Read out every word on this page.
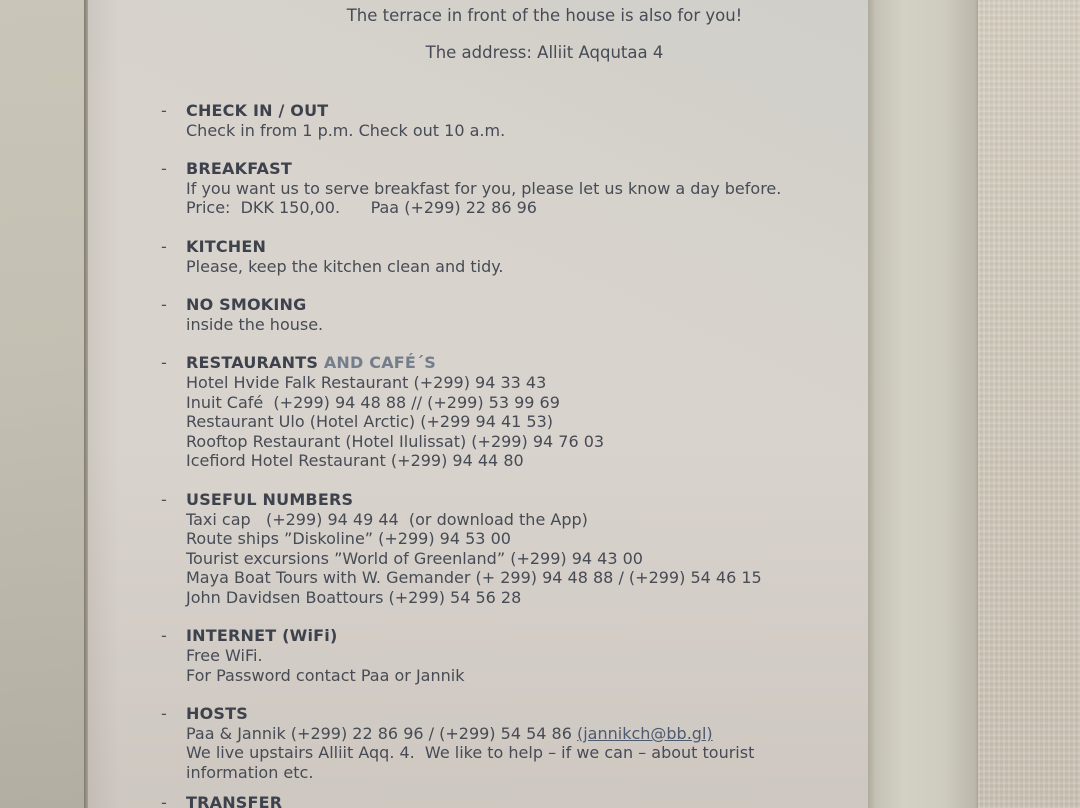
The terrace in front of the house is also for you!

The address: Alliit Aqqutaa 4

-	CHECK IN / OUT

Check in from 1 p.m. Check out 10 a.m.

-	BREAKFAST

If you want us to serve breakfast for you, please let us know a day before.

Price:  DKK 150,00.      Paa (+299) 22 86 96

-	KITCHEN

Please, keep the kitchen clean and tidy.

-	NO SMOKING

inside the house.

-	RESTAURANTS AND CAFÉ´S

Hotel Hvide Falk Restaurant (+299) 94 33 43

Inuit Café  (+299) 94 48 88 // (+299) 53 99 69

Restaurant Ulo (Hotel Arctic) (+299 94 41 53)

Rooftop Restaurant (Hotel Ilulissat) (+299) 94 76 03

Icefiord Hotel Restaurant (+299) 94 44 80

-	USEFUL NUMBERS

Taxi cap   (+299) 94 49 44  (or download the App)

Route ships ”Diskoline” (+299) 94 53 00

Tourist excursions ”World of Greenland” (+299) 94 43 00

Maya Boat Tours with W. Gemander (+ 299) 94 48 88 / (+299) 54 46 15

John Davidsen Boattours (+299) 54 56 28

-	INTERNET (WiFi)

Free WiFi.

For Password contact Paa or Jannik

-	HOSTS

Paa & Jannik (+299) 22 86 96 / (+299) 54 54 86 (jannikch@bb.gl)

We live upstairs Alliit Aqq. 4.  We like to help – if we can – about tourist

information etc.

-	TRANSFER
